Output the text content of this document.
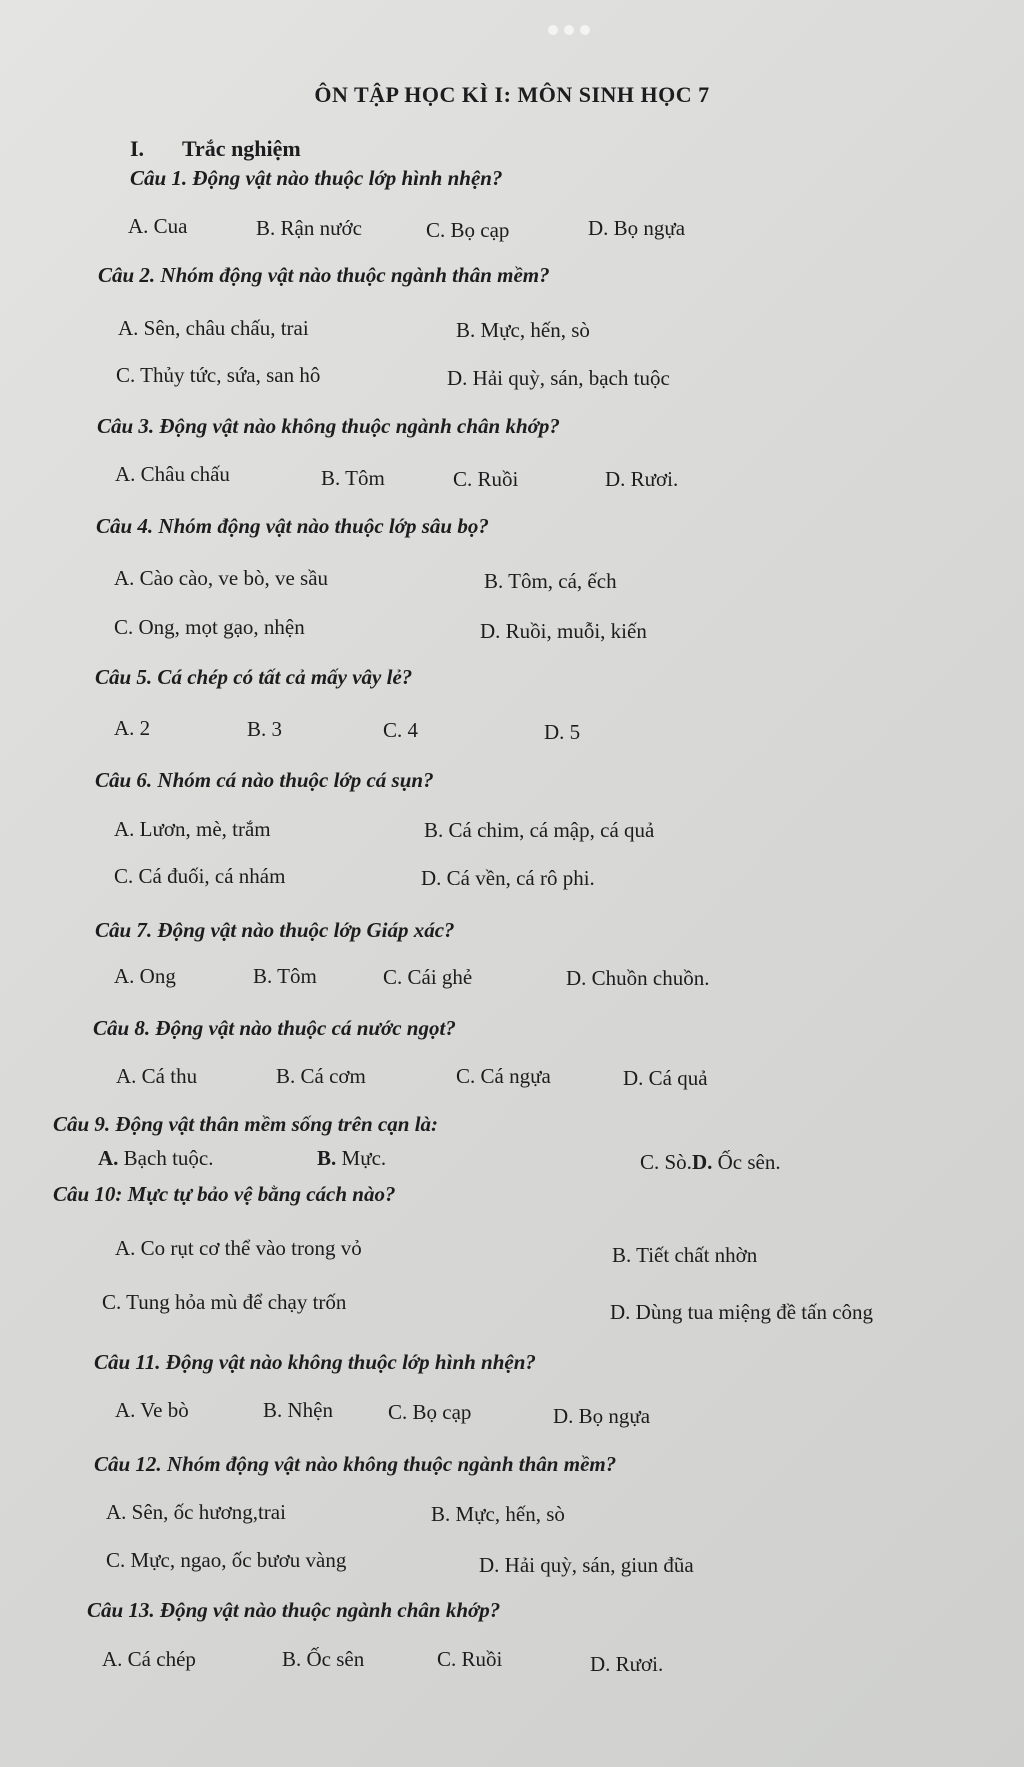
ÔN TẬP HỌC KÌ I: MÔN SINH HỌC 7
I. Trắc nghiệm
Câu 1. Động vật nào thuộc lớp hình nhện?
A. Cua	B. Rận nước	C. Bọ cạp	D. Bọ ngựa
Câu 2. Nhóm động vật nào thuộc ngành thân mềm?
A. Sên, châu chấu, trai	B. Mực, hến, sò
C. Thủy tức, sứa, san hô	D. Hải quỳ, sán, bạch tuộc
Câu 3. Động vật nào không thuộc ngành chân khớp?
A. Châu chấu	B. Tôm	C. Ruồi	D. Rươi.
Câu 4. Nhóm động vật nào thuộc lớp sâu bọ?
A. Cào cào, ve bò, ve sầu	B. Tôm, cá, ếch
C. Ong, mọt gạo, nhện	D. Ruồi, muỗi, kiến
Câu 5. Cá chép có tất cả mấy vây lẻ?
A. 2	B. 3	C. 4	D. 5
Câu 6. Nhóm cá nào thuộc lớp cá sụn?
A. Lươn, mè, trắm	B. Cá chim, cá mập, cá quả
C. Cá đuối, cá nhám	D. Cá vền, cá rô phi.
Câu 7. Động vật nào thuộc lớp Giáp xác?
A. Ong	B. Tôm	C. Cái ghẻ	D. Chuồn chuồn.
Câu 8. Động vật nào thuộc cá nước ngọt?
A. Cá thu	B. Cá cơm	C. Cá ngựa	D. Cá quả
Câu 9. Động vật thân mềm sống trên cạn là:
A. Bạch tuộc.	B. Mực.	C. Sò.D. Ốc sên.
Câu 10: Mực tự bảo vệ bằng cách nào?
A. Co rụt cơ thể vào trong vỏ	B. Tiết chất nhờn
C. Tung hỏa mù để chạy trốn	D. Dùng tua miệng đề tấn công
Câu 11. Động vật nào không thuộc lớp hình nhện?
A. Ve bò	B. Nhện	C. Bọ cạp	D. Bọ ngựa
Câu 12. Nhóm động vật nào không thuộc ngành thân mềm?
A. Sên, ốc hương,trai	B. Mực, hến, sò
C. Mực, ngao, ốc bươu vàng	D. Hải quỳ, sán, giun đũa
Câu 13. Động vật nào thuộc ngành chân khớp?
A. Cá chép	B. Ốc sên	C. Ruồi	D. Rươi.
